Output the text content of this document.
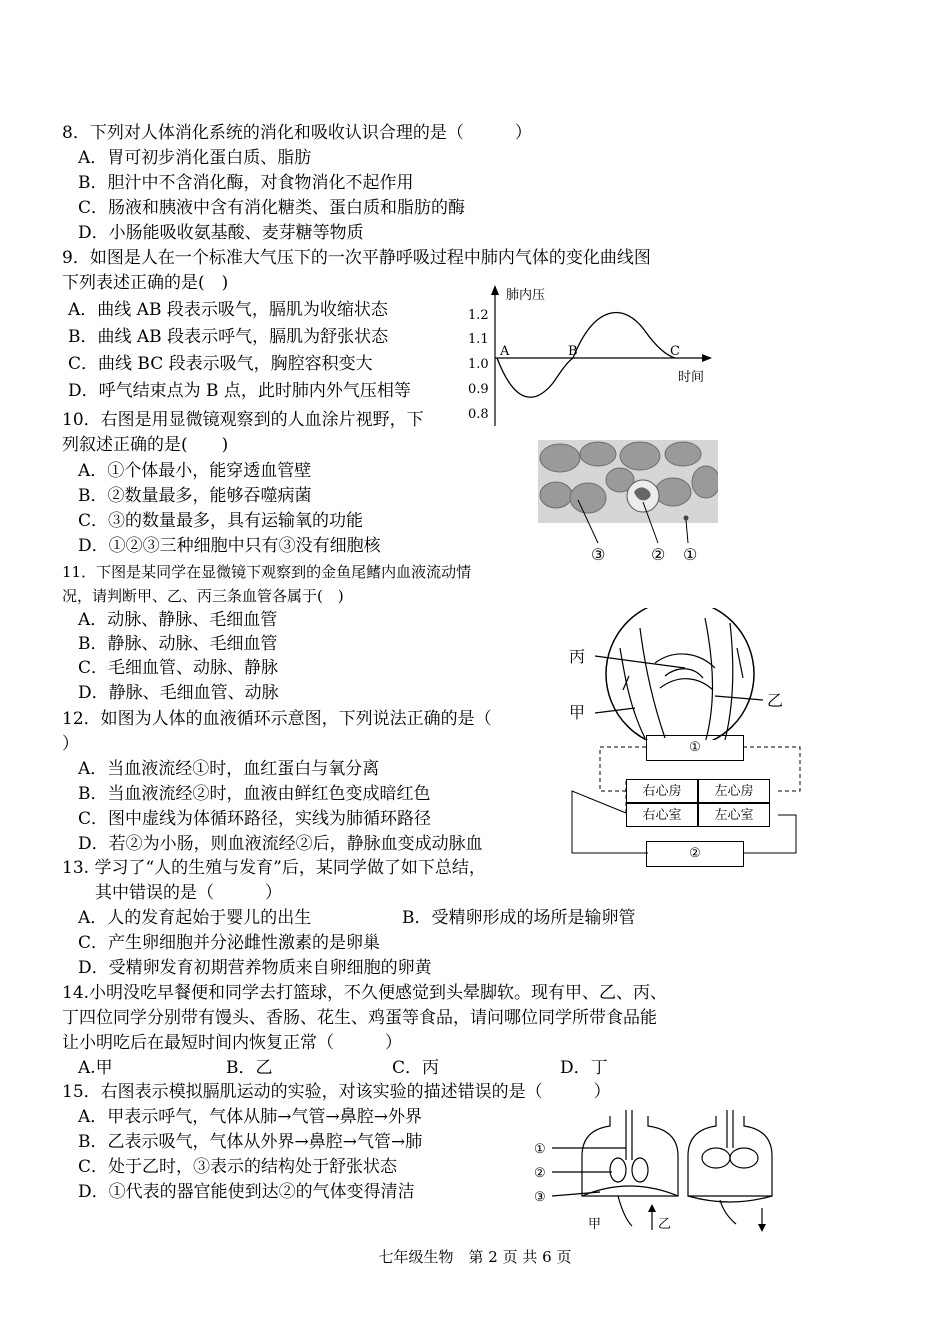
8．下列对人体消化系统的消化和吸收认识合理的是（　　　）
A．胃可初步消化蛋白质、脂肪
B．胆汁中不含消化酶，对食物消化不起作用
C．肠液和胰液中含有消化糖类、蛋白质和脂肪的酶
D．小肠能吸收氨基酸、麦芽糖等物质
9．如图是人在一个标准大气压下的一次平静呼吸过程中肺内气体的变化曲线图
下列表述正确的是(　)
A．曲线 AB 段表示吸气，膈肌为收缩状态
B．曲线 AB 段表示呼气，膈肌为舒张状态
C．曲线 BC 段表示吸气，胸腔容积变大
D．呼气结束点为 B 点，此时肺内外气压相等
肺内压
时间
1.2
1.1
1.0
0.9
0.8
A	B	C
10．右图是用显微镜观察到的人血涂片视野，下
列叙述正确的是(　　)
A．①个体最小，能穿透血管壁
B．②数量最多，能够吞噬病菌
C．③的数量最多，具有运输氧的功能
D．①②③三种细胞中只有③没有细胞核	③	② ①
11．下图是某同学在显微镜下观察到的金鱼尾鳍内血液流动情
况，请判断甲、乙、丙三条血管各属于(　)
A．动脉、静脉、毛细血管
B．静脉、动脉、毛细血管
C．毛细血管、动脉、静脉
D．静脉、毛细血管、动脉
丙
甲
乙
12．如图为人体的血液循环示意图，下列说法正确的是（
）
A．当血液流经①时，血红蛋白与氧分离
B．当血液流经②时，血液由鲜红色变成暗红色
C．图中虚线为体循环路径，实线为肺循环路径
D．若②为小肠，则血液流经②后，静脉血变成动脉血
①
右心房	左心房
右心室	左心室
②
13. 学习了“人的生殖与发育”后，某同学做了如下总结，
其中错误的是（　　　）
A．人的发育起始于婴儿的出生	B．受精卵形成的场所是输卵管
C．产生卵细胞并分泌雌性激素的是卵巢
D．受精卵发育初期营养物质来自卵细胞的卵黄
14.小明没吃早餐便和同学去打篮球，不久便感觉到头晕脚软。现有甲、乙、丙、
丁四位同学分别带有馒头、香肠、花生、鸡蛋等食品，请问哪位同学所带食品能
让小明吃后在最短时间内恢复正常（　　　）
A.甲	B．乙	C．丙	D．丁
15．右图表示模拟膈肌运动的实验，对该实验的描述错误的是（　　　）
A．甲表示呼气，气体从肺→气管→鼻腔→外界
B．乙表示吸气，气体从外界→鼻腔→气管→肺
C．处于乙时，③表示的结构处于舒张状态
D．①代表的器官能使到达②的气体变得清洁
①
②
③
甲	乙
七年级生物　第 2 页 共 6 页
